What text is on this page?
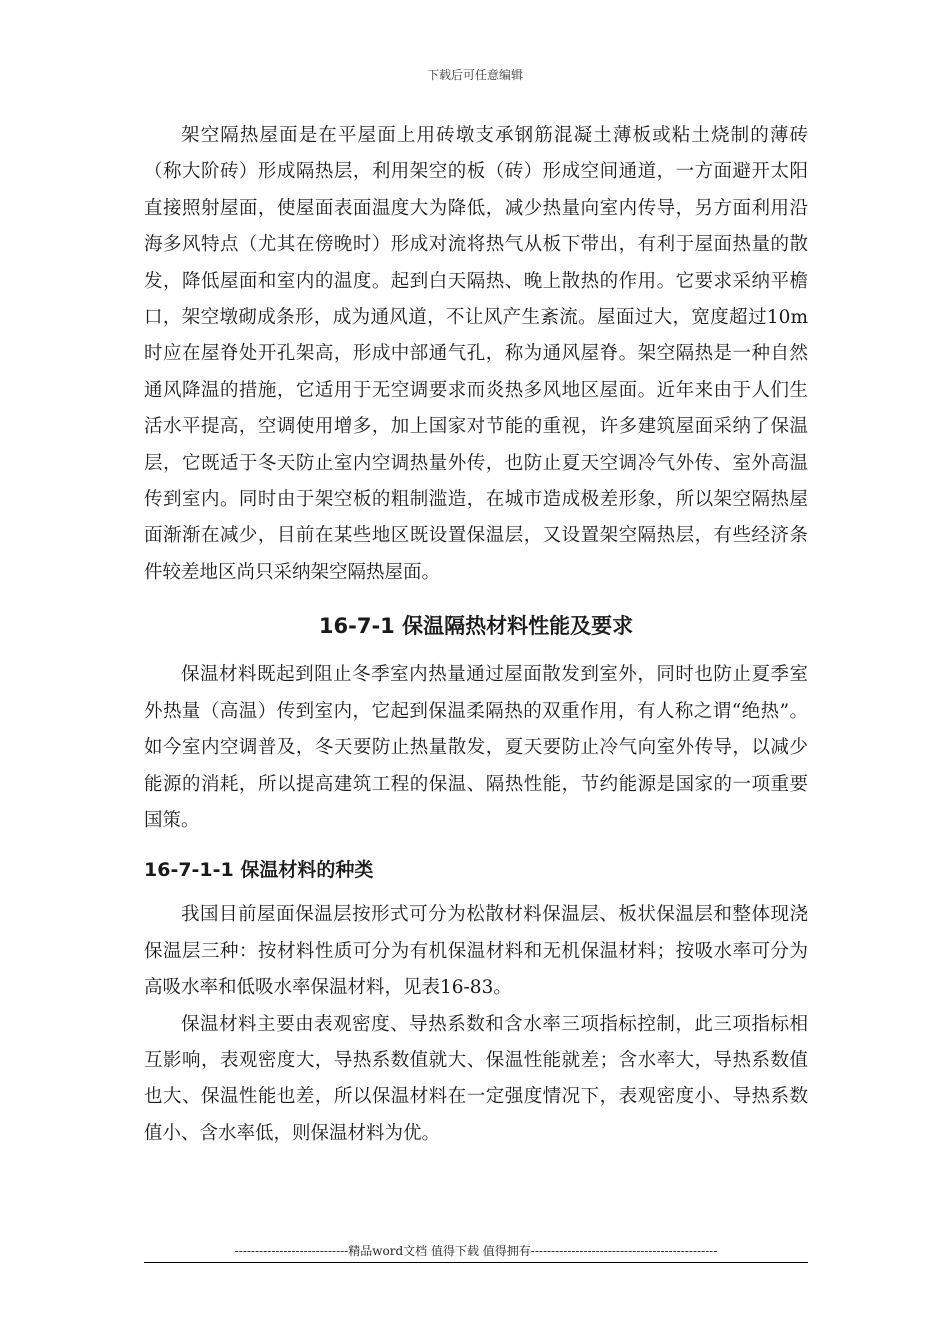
下载后可任意编辑

架空隔热屋面是在平屋面上用砖墩支承钢筋混凝土薄板或粘土烧制的薄砖（称大阶砖）形成隔热层，利用架空的板（砖）形成空间通道，一方面避开太阳直接照射屋面，使屋面表面温度大为降低，减少热量向室内传导，另方面利用沿海多风特点（尤其在傍晚时）形成对流将热气从板下带出，有利于屋面热量的散发，降低屋面和室内的温度。起到白天隔热、晚上散热的作用。它要求采纳平檐口，架空墩砌成条形，成为通风道，不让风产生紊流。屋面过大，宽度超过10m时应在屋脊处开孔架高，形成中部通气孔，称为通风屋脊。架空隔热是一种自然通风降温的措施，它适用于无空调要求而炎热多风地区屋面。近年来由于人们生活水平提高，空调使用增多，加上国家对节能的重视，许多建筑屋面采纳了保温层，它既适于冬天防止室内空调热量外传，也防止夏天空调冷气外传、室外高温传到室内。同时由于架空板的粗制滥造，在城市造成极差形象，所以架空隔热屋面渐渐在减少，目前在某些地区既设置保温层，又设置架空隔热层，有些经济条件较差地区尚只采纳架空隔热屋面。

16-7-1 保温隔热材料性能及要求

保温材料既起到阻止冬季室内热量通过屋面散发到室外，同时也防止夏季室外热量（高温）传到室内，它起到保温柔隔热的双重作用，有人称之谓“绝热”。如今室内空调普及，冬天要防止热量散发，夏天要防止冷气向室外传导，以减少能源的消耗，所以提高建筑工程的保温、隔热性能，节约能源是国家的一项重要国策。

16-7-1-1 保温材料的种类

我国目前屋面保温层按形式可分为松散材料保温层、板状保温层和整体现浇保温层三种：按材料性质可分为有机保温材料和无机保温材料；按吸水率可分为高吸水率和低吸水率保温材料，见表16-83。

保温材料主要由表观密度、导热系数和含水率三项指标控制，此三项指标相互影响，表观密度大，导热系数值就大、保温性能就差；含水率大，导热系数值也大、保温性能也差，所以保温材料在一定强度情况下，表观密度小、导热系数值小、含水率低，则保温材料为优。

----------------------------精品word文档 值得下载 值得拥有----------------------------------------------
